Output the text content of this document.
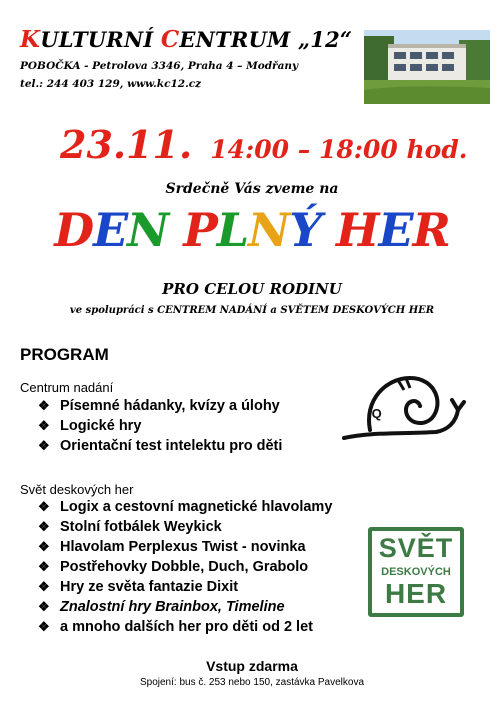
KULTURNÍ CENTRUM „12“
POBOČKA - Petrolova 3346, Praha 4 – Modřany
tel.: 244 403 129, www.kc12.cz
23.11. 14:00 – 18:00 hod.
Srdečně Vás zveme na
DEN PLNÝ HER
PRO CELOU RODINU
ve spolupráci s CENTREM NADÁNÍ a SVĚTEM DESKOVÝCH HER
PROGRAM
Centrum nadání
❖ Písemné hádanky, kvízy a úlohy
❖ Logické hry
❖ Orientační test intelektu pro děti
Svět deskových her
❖ Logix a cestovní magnetické hlavolamy
❖ Stolní fotbálek Weykick
❖ Hlavolam Perplexus Twist - novinka
❖ Postřehovky Dobble, Duch, Grabolo
❖ Hry ze světa fantazie Dixit
❖ Znalostní hry Brainbox, Timeline
❖ a mnoho dalších her pro děti od 2 let
IQ
SVĚT
DESKOVÝCH
HER
Vstup zdarma
Spojení: bus č. 253 nebo 150, zastávka Pavelkova
